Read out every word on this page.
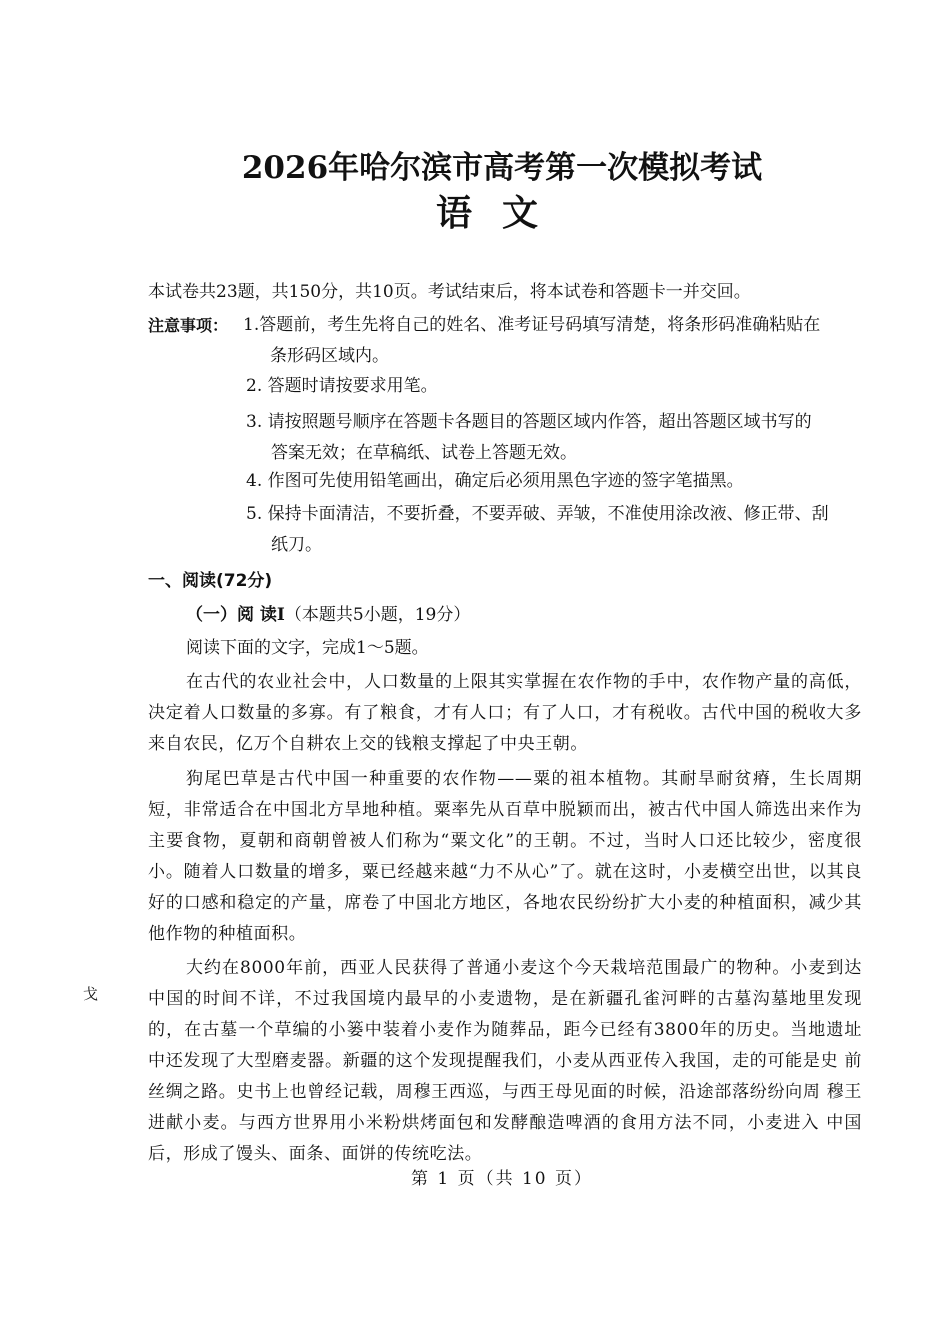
2026年哈尔滨市高考第一次模拟考试
语文
本试卷共23题，共150分，共10页。考试结束后，将本试卷和答题卡一并交回。
注意事项： 1.答题前，考生先将自己的姓名、准考证号码填写清楚，将条形码准确粘贴在
条形码区域内。
2. 答题时请按要求用笔。
3. 请按照题号顺序在答题卡各题目的答题区域内作答，超出答题区域书写的
答案无效；在草稿纸、试卷上答题无效。
4. 作图可先使用铅笔画出，确定后必须用黑色字迹的签字笔描黑。
5. 保持卡面清洁，不要折叠，不要弄破、弄皱，不准使用涂改液、修正带、刮
纸刀。
一、阅读(72分)
（一）阅 读I（本题共5小题，19分）
阅读下面的文字，完成1～5题。
在古代的农业社会中，人口数量的上限其实掌握在农作物的手中，农作物产量的高低，决定着人口数量的多寡。有了粮食，才有人口；有了人口，才有税收。古代中国的税收大多来自农民，亿万个自耕农上交的钱粮支撑起了中央王朝。
狗尾巴草是古代中国一种重要的农作物——粟的祖本植物。其耐旱耐贫瘠，生长周期短，非常适合在中国北方旱地种植。粟率先从百草中脱颖而出，被古代中国人筛选出来作为主要食物，夏朝和商朝曾被人们称为“粟文化”的王朝。不过，当时人口还比较少，密度很小。随着人口数量的增多，粟已经越来越“力不从心”了。就在这时，小麦横空出世，以其良好的口感和稳定的产量，席卷了中国北方地区，各地农民纷纷扩大小麦的种植面积，减少其他作物的种植面积。
大约在8000年前，西亚人民获得了普通小麦这个今天栽培范围最广的物种。小麦到达 中国的时间不详，不过我国境内最早的小麦遗物，是在新疆孔雀河畔的古墓沟墓地里发现 的，在古墓一个草编的小篓中装着小麦作为随葬品，距今已经有3800年的历史。当地遗址 中还发现了大型磨麦器。新疆的这个发现提醒我们，小麦从西亚传入我国，走的可能是史 前丝绸之路。史书上也曾经记载，周穆王西巡，与西王母见面的时候，沿途部落纷纷向周 穆王进献小麦。与西方世界用小米粉烘烤面包和发酵酿造啤酒的食用方法不同，小麦进入 中国后，形成了馒头、面条、面饼的传统吃法。
戈
第 1 页（共 10 页）
